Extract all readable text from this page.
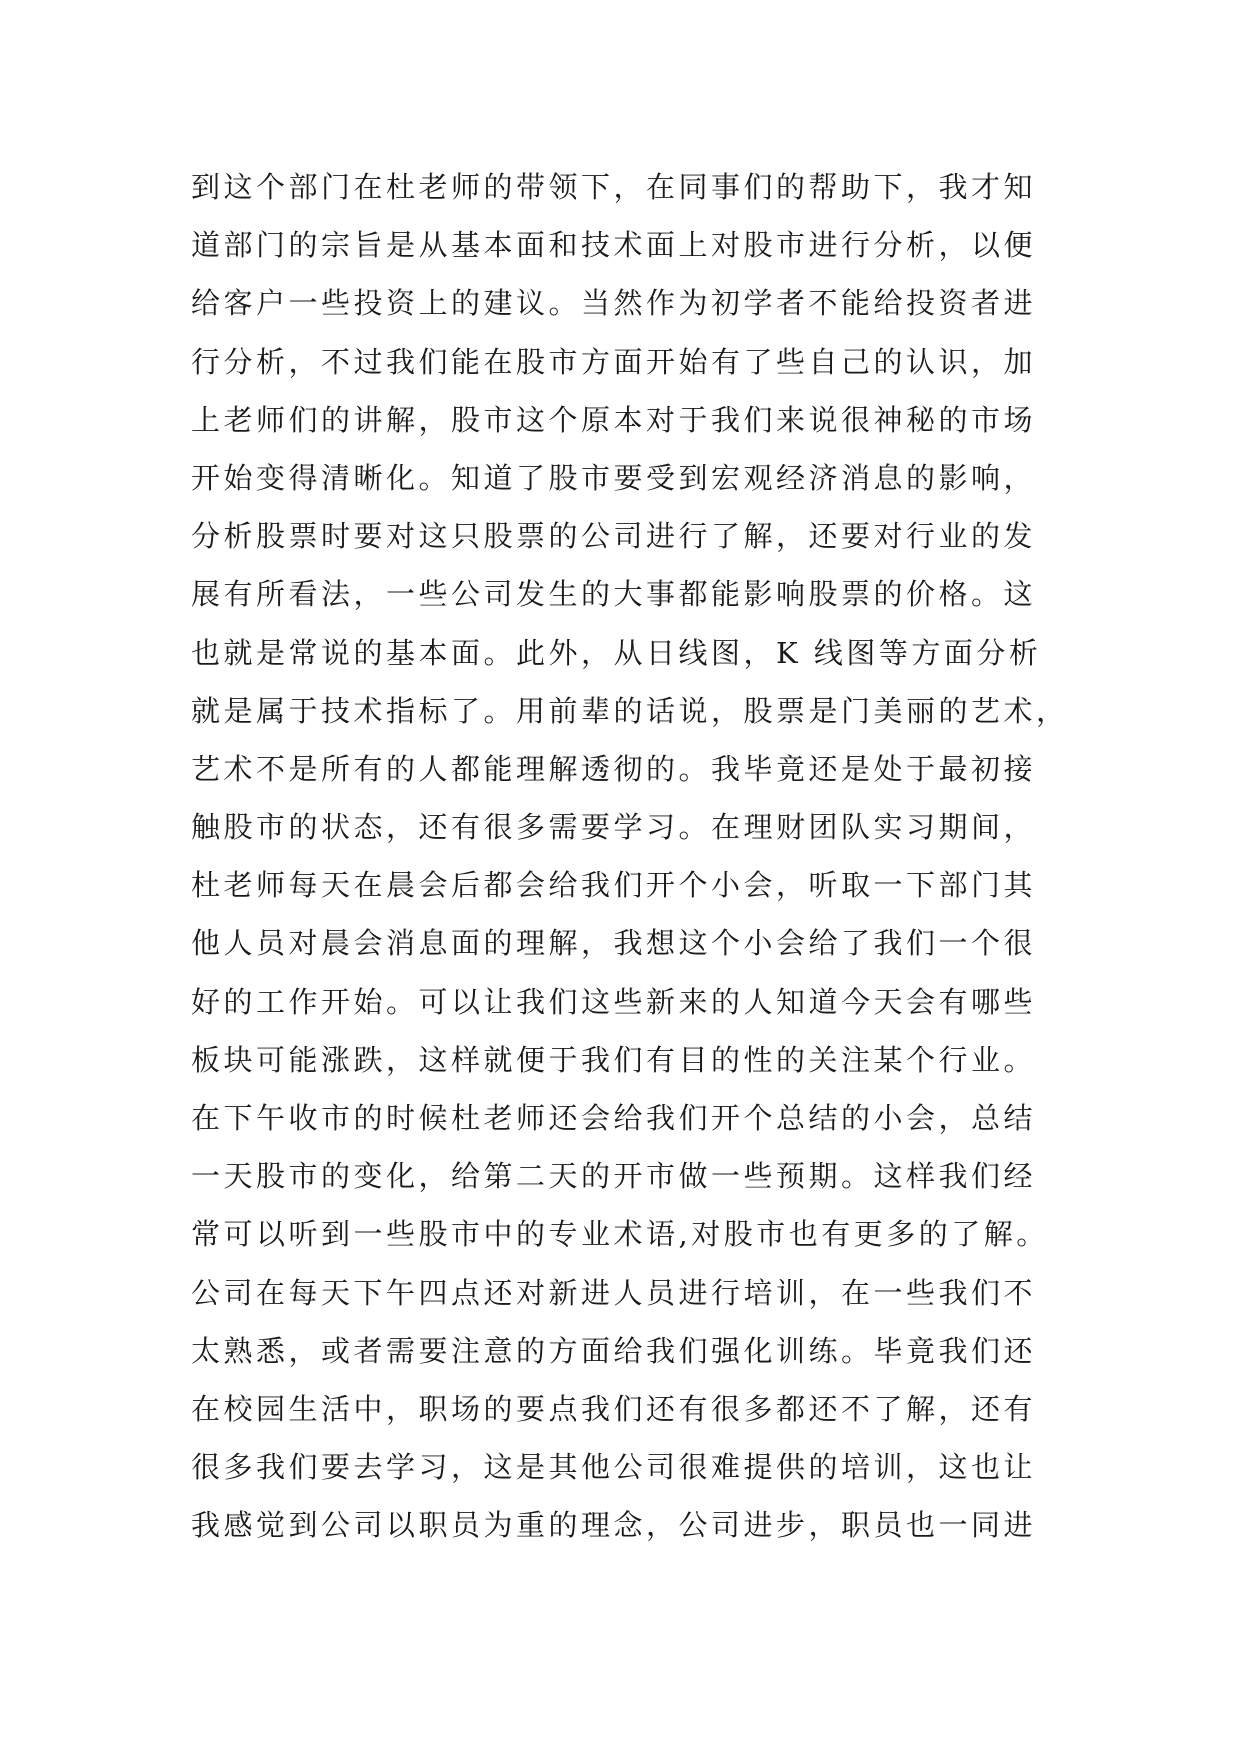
到这个部门在杜老师的带领下，在同事们的帮助下，我才知
道部门的宗旨是从基本面和技术面上对股市进行分析，以便
给客户一些投资上的建议。当然作为初学者不能给投资者进
行分析，不过我们能在股市方面开始有了些自己的认识，加
上老师们的讲解，股市这个原本对于我们来说很神秘的市场
开始变得清晰化。知道了股市要受到宏观经济消息的影响，
分析股票时要对这只股票的公司进行了解，还要对行业的发
展有所看法，一些公司发生的大事都能影响股票的价格。这
也就是常说的基本面。此外，从日线图，K 线图等方面分析
就是属于技术指标了。用前辈的话说，股票是门美丽的艺术，
艺术不是所有的人都能理解透彻的。我毕竟还是处于最初接
触股市的状态，还有很多需要学习。在理财团队实习期间，
杜老师每天在晨会后都会给我们开个小会，听取一下部门其
他人员对晨会消息面的理解，我想这个小会给了我们一个很
好的工作开始。可以让我们这些新来的人知道今天会有哪些
板块可能涨跌，这样就便于我们有目的性的关注某个行业。
在下午收市的时候杜老师还会给我们开个总结的小会，总结
一天股市的变化，给第二天的开市做一些预期。这样我们经
常可以听到一些股市中的专业术语,对股市也有更多的了解。
公司在每天下午四点还对新进人员进行培训，在一些我们不
太熟悉，或者需要注意的方面给我们强化训练。毕竟我们还
在校园生活中，职场的要点我们还有很多都还不了解，还有
很多我们要去学习，这是其他公司很难提供的培训，这也让
我感觉到公司以职员为重的理念，公司进步，职员也一同进
